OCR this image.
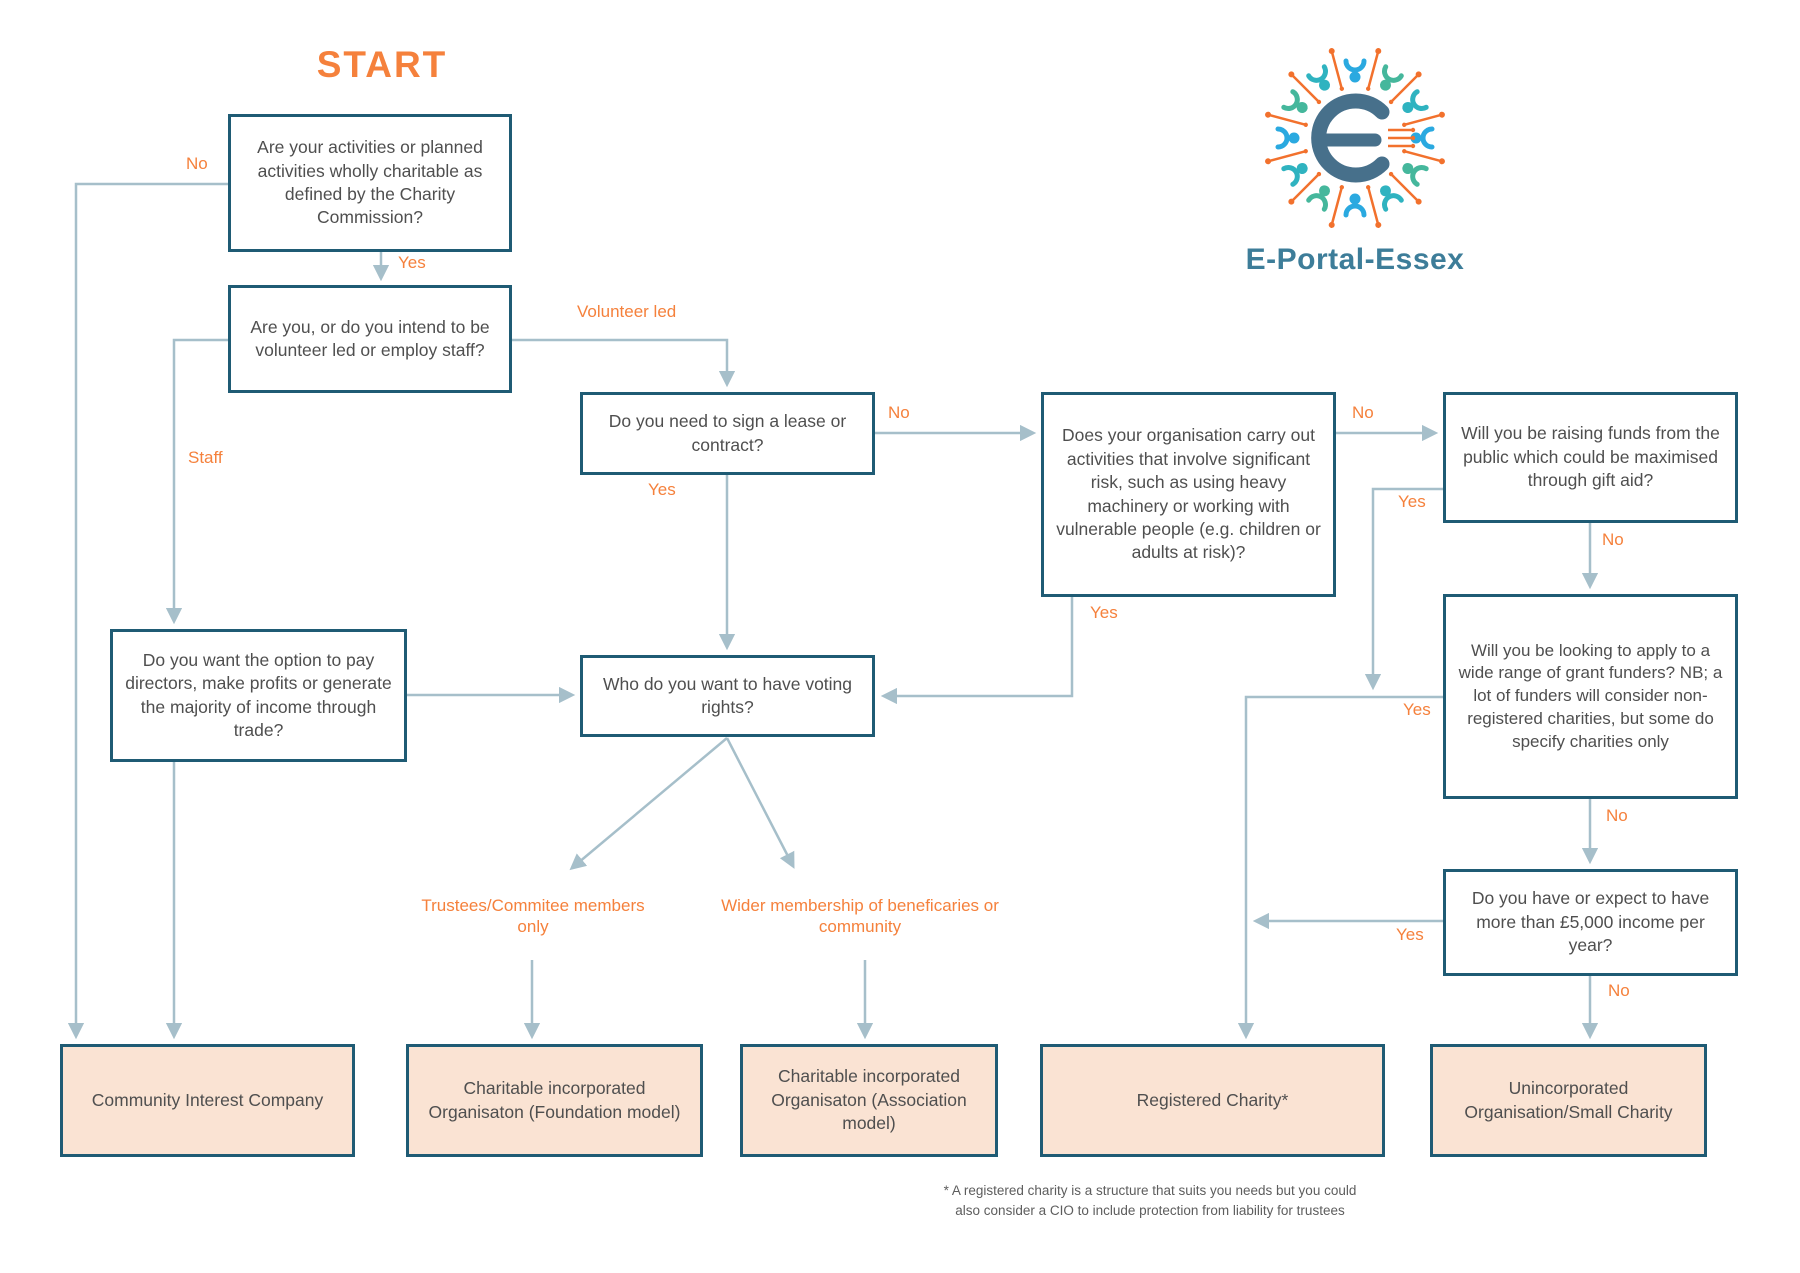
START
Are your activities or planned activities wholly charitable as defined by the Charity Commission?
Are you, or do you intend to be volunteer led or employ staff?
Do you need to sign a lease or contract?	Does your organisation carry out activities that involve significant risk, such as using heavy machinery or working with vulnerable people (e.g. children or adults at risk)?
Will you be raising funds from the public which could be maximised through gift aid?
Will you be looking to apply to a wide range of grant funders? NB; a lot of funders will consider non-registered charities, but some do specify charities only
Do you have or expect to have more than £5,000 income per year?
Do you want the option to pay directors, make profits or generate the majority of income through trade?
Who do you want to have voting rights?
Community Interest Company
Charitable incorporated Organisaton (Foundation model)
Charitable incorporated Organisaton (Association model)
Registered Charity*
Unincorporated Organisation/Small Charity
No
Yes
Volunteer led
Staff
Yes
No	No
Yes
Yes
No
Yes
No
Yes
No
Trustees/Commitee members only
Wider membership of beneficaries or community
E-Portal-Essex
* A registered charity is a structure that suits you needs but you could
also consider a CIO to include protection from liability for trustees
